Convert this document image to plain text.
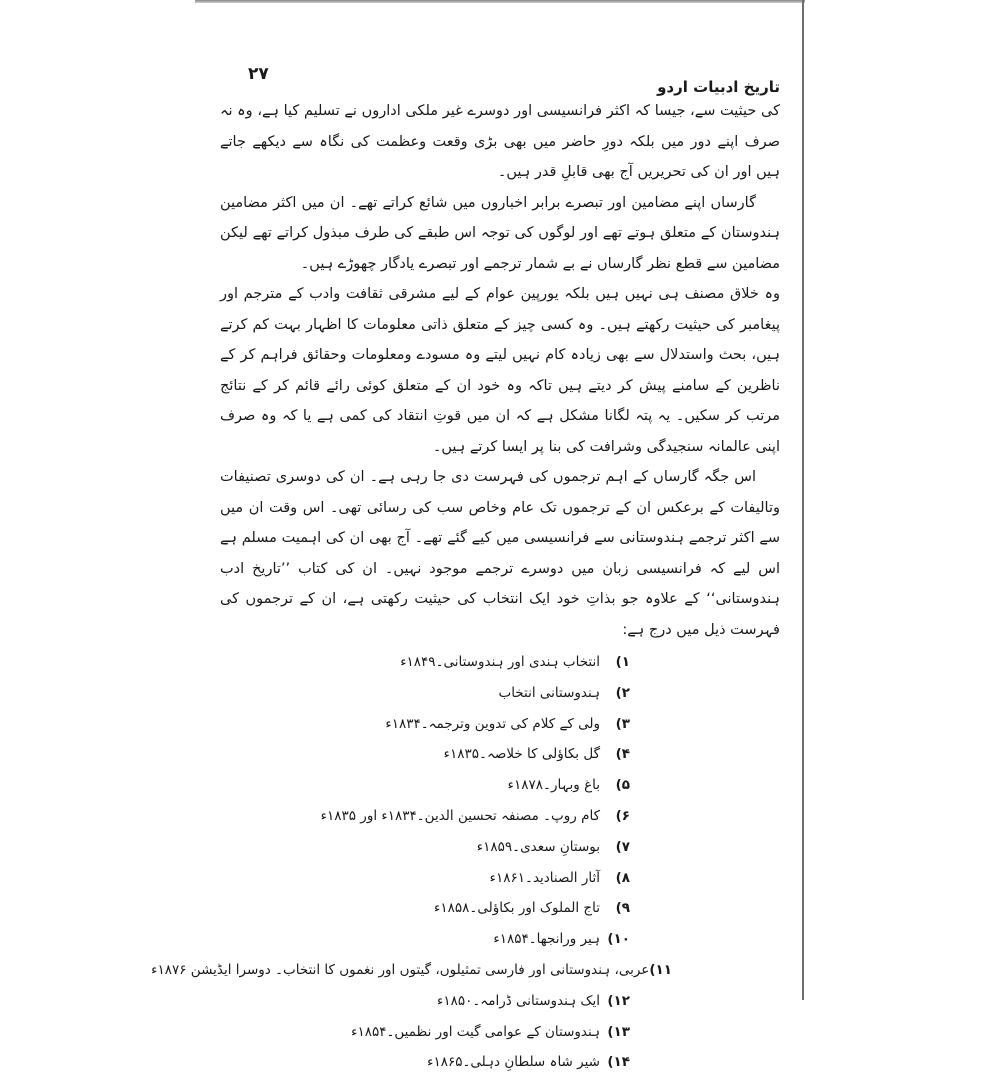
تاریخ ادبیات اردو
۲۷

کی حیثیت سے، جیسا کہ اکثر فرانسیسی اور دوسرے غیر ملکی اداروں نے تسلیم کیا ہے، وہ نہ صرف اپنے دور میں بلکہ دورِ حاضر میں بھی بڑی وقعت وعظمت کی نگاہ سے دیکھے جاتے ہیں اور ان کی تحریریں آج بھی قابلِ قدر ہیں۔

گارساں اپنے مضامین اور تبصرے برابر اخباروں میں شائع کراتے تھے۔ ان میں اکثر مضامین ہندوستان کے متعلق ہوتے تھے اور لوگوں کی توجہ اس طبقے کی طرف مبذول کراتے تھے لیکن مضامین سے قطع نظر گارساں نے بے شمار ترجمے اور تبصرے یادگار چھوڑے ہیں۔

وہ خلاق مصنف ہی نہیں ہیں بلکہ یورپین عوام کے لیے مشرقی ثقافت وادب کے مترجم اور پیغامبر کی حیثیت رکھتے ہیں۔ وہ کسی چیز کے متعلق ذاتی معلومات کا اظہار بہت کم کرتے ہیں، بحث واستدلال سے بھی زیادہ کام نہیں لیتے وہ مسودے ومعلومات وحقائق فراہم کر کے ناظرین کے سامنے پیش کر دیتے ہیں تاکہ وہ خود ان کے متعلق کوئی رائے قائم کر کے نتائج مرتب کر سکیں۔ یہ پتہ لگانا مشکل ہے کہ ان میں قوتِ انتقاد کی کمی ہے یا کہ وہ صرف اپنی عالمانہ سنجیدگی وشرافت کی بنا پر ایسا کرتے ہیں۔

اس جگہ گارساں کے اہم ترجموں کی فہرست دی جا رہی ہے۔ ان کی دوسری تصنیفات وتالیفات کے برعکس ان کے ترجموں تک عام وخاص سب کی رسائی تھی۔ اس وقت ان میں سے اکثر ترجمے ہندوستانی سے فرانسیسی میں کیے گئے تھے۔ آج بھی ان کی اہمیت مسلم ہے اس لیے کہ فرانسیسی زبان میں دوسرے ترجمے موجود نہیں۔ ان کی کتاب ’’تاریخ ادب ہندوستانی‘‘ کے علاوہ جو بذاتِ خود ایک انتخاب کی حیثیت رکھتی ہے، ان کے ترجموں کی فہرست ذیل میں درج ہے:

۱)
انتخاب ہندی اور ہندوستانی۔۱۸۴۹ء
۲)
ہندوستانی انتخاب
۳)
ولی کے کلام کی تدوین وترجمہ۔۱۸۳۴ء
۴)
گل بکاؤلی کا خلاصہ۔۱۸۳۵ء
۵)
باغ وبہار۔۱۸۷۸ء
۶)
کام روپ۔ مصنفہ تحسین الدین۔۱۸۳۴ء اور ۱۸۳۵ء
۷)
بوستانِ سعدی۔۱۸۵۹ء
۸)
آثار الصنادید۔۱۸۶۱ء
۹)
تاج الملوک اور بکاؤلی۔۱۸۵۸ء
۱۰)
ہیر ورانجھا۔۱۸۵۴ء
۱۱)
عربی، ہندوستانی اور فارسی تمثیلوں، گیتوں اور نغموں کا انتخاب۔ دوسرا ایڈیشن ۱۸۷۶ء
۱۲)
ایک ہندوستانی ڈرامہ۔۱۸۵۰ء
۱۳)
ہندوستان کے عوامی گیت اور نظمیں۔۱۸۵۴ء
۱۴)
شیر شاہ سلطانِ دہلی۔۱۸۶۵ء
